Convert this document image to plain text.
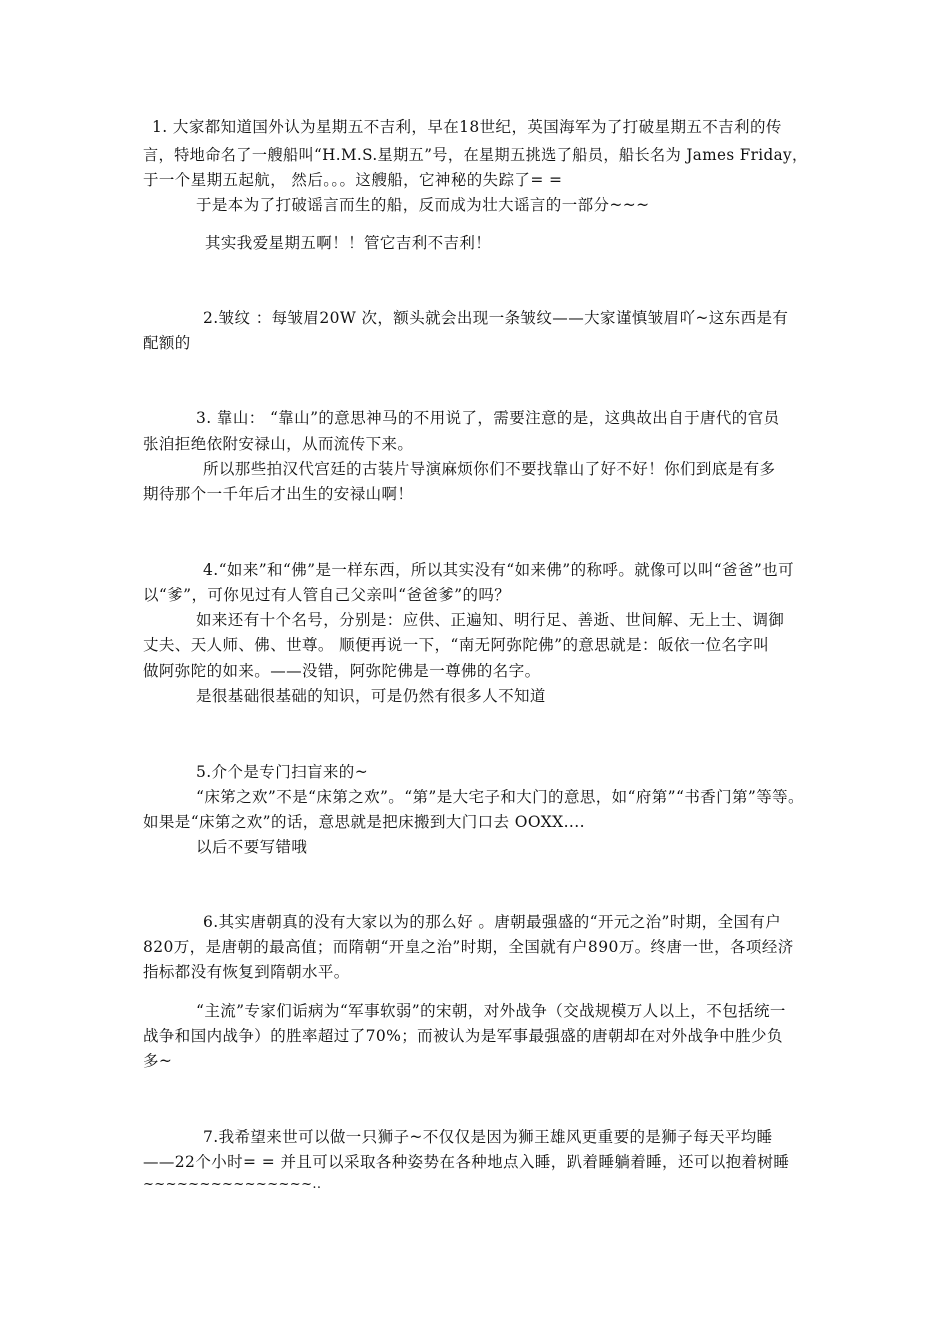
1. 大家都知道国外认为星期五不吉利，早在18世纪，英国海军为了打破星期五不吉利的传
言，特地命名了一艘船叫“H.M.S.星期五”号，在星期五挑选了船员，船长名为 James Friday，
于一个星期五起航， 然后。。。这艘船，它神秘的失踪了= =
于是本为了打破谣言而生的船，反而成为壮大谣言的一部分~~~
其实我爱星期五啊！！管它吉利不吉利！
2.皱纹 ：每皱眉20W 次，额头就会出现一条皱纹——大家谨慎皱眉吖~这东西是有
配额的
3. 靠山： “靠山”的意思神马的不用说了，需要注意的是，这典故出自于唐代的官员
张洎拒绝依附安禄山，从而流传下来。
所以那些拍汉代宫廷的古装片导演麻烦你们不要找靠山了好不好！你们到底是有多
期待那个一千年后才出生的安禄山啊！
4.“如来”和“佛”是一样东西，所以其实没有“如来佛”的称呼。就像可以叫“爸爸”也可
以“爹”，可你见过有人管自己父亲叫“爸爸爹”的吗？
如来还有十个名号，分别是：应供、正遍知、明行足、善逝、世间解、无上士、调御
丈夫、天人师、佛、世尊。 顺便再说一下，“南无阿弥陀佛”的意思就是：皈依一位名字叫
做阿弥陀的如来。——没错，阿弥陀佛是一尊佛的名字。
是很基础很基础的知识，可是仍然有很多人不知道
5.介个是专门扫盲来的~
“床笫之欢”不是“床第之欢”。“第”是大宅子和大门的意思，如“府第”“书香门第”等等。
如果是“床第之欢”的话，意思就是把床搬到大门口去 OOXX....
以后不要写错哦
6.其实唐朝真的没有大家以为的那么好 。唐朝最强盛的“开元之治”时期，全国有户
820万，是唐朝的最高值；而隋朝“开皇之治”时期，全国就有户890万。终唐一世，各项经济
指标都没有恢复到隋朝水平。
“主流”专家们诟病为“军事软弱”的宋朝，对外战争（交战规模万人以上，不包括统一
战争和国内战争）的胜率超过了70%；而被认为是军事最强盛的唐朝却在对外战争中胜少负
多~
7.我希望来世可以做一只狮子~不仅仅是因为狮王雄风更重要的是狮子每天平均睡
——22个小时= = 并且可以采取各种姿势在各种地点入睡，趴着睡躺着睡，还可以抱着树睡
~~~~~~~~~~~~~~~..
